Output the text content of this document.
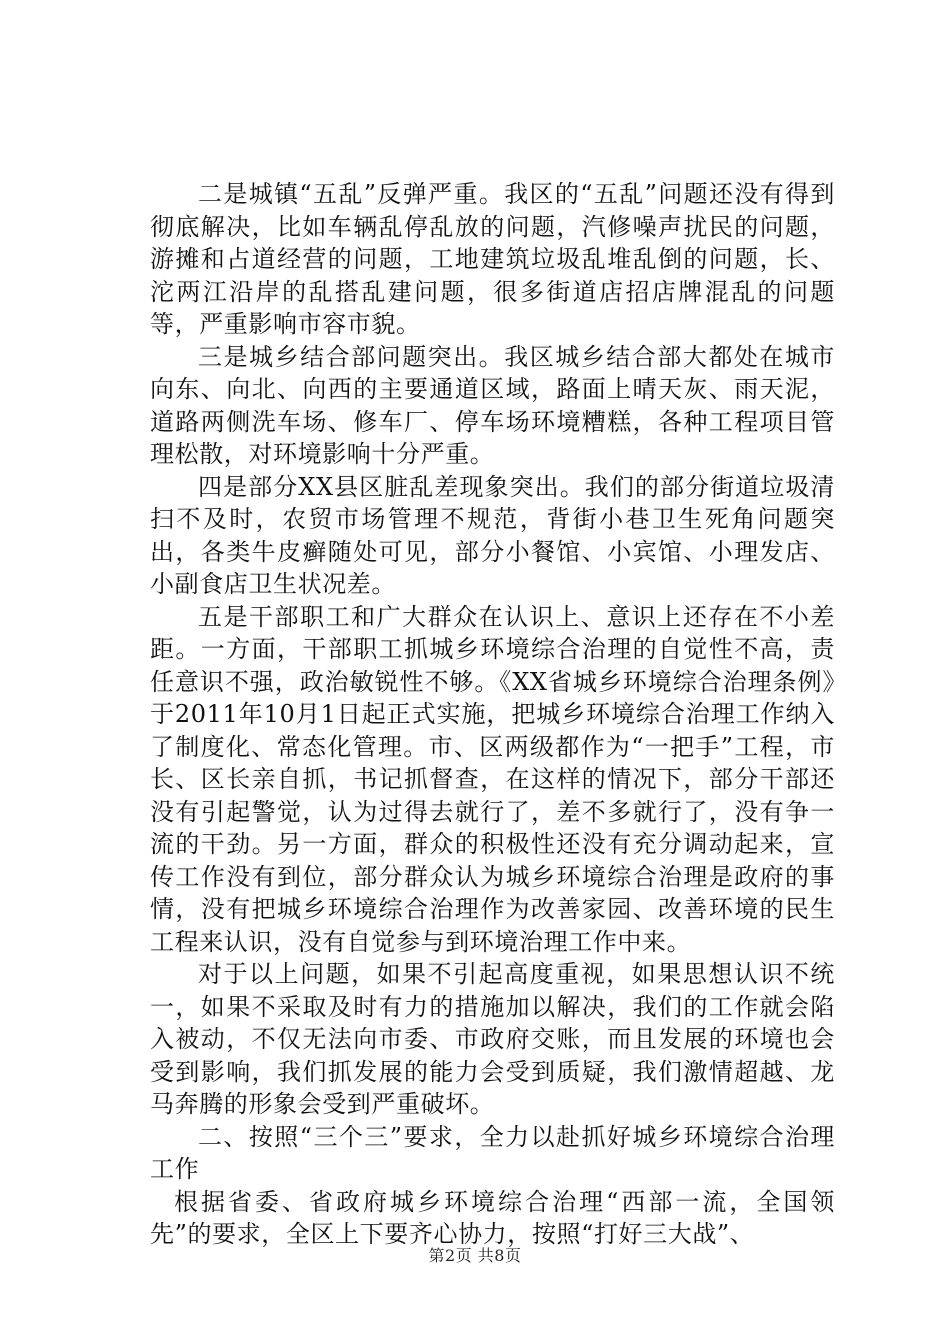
二是城镇“五乱”反弹严重。我区的“五乱”问题还没有得到彻底解决，比如车辆乱停乱放的问题，汽修噪声扰民的问题，游摊和占道经营的问题，工地建筑垃圾乱堆乱倒的问题，长、沱两江沿岸的乱搭乱建问题，很多街道店招店牌混乱的问题等，严重影响市容市貌。

三是城乡结合部问题突出。我区城乡结合部大都处在城市向东、向北、向西的主要通道区域，路面上晴天灰、雨天泥，道路两侧洗车场、修车厂、停车场环境糟糕，各种工程项目管理松散，对环境影响十分严重。

四是部分XX县区脏乱差现象突出。我们的部分街道垃圾清扫不及时，农贸市场管理不规范，背街小巷卫生死角问题突出，各类牛皮癣随处可见，部分小餐馆、小宾馆、小理发店、小副食店卫生状况差。

五是干部职工和广大群众在认识上、意识上还存在不小差距。一方面，干部职工抓城乡环境综合治理的自觉性不高，责任意识不强，政治敏锐性不够。《XX省城乡环境综合治理条例》于2011年10月1日起正式实施，把城乡环境综合治理工作纳入了制度化、常态化管理。市、区两级都作为“一把手”工程，市长、区长亲自抓，书记抓督查，在这样的情况下，部分干部还没有引起警觉，认为过得去就行了，差不多就行了，没有争一流的干劲。另一方面，群众的积极性还没有充分调动起来，宣传工作没有到位，部分群众认为城乡环境综合治理是政府的事情，没有把城乡环境综合治理作为改善家园、改善环境的民生工程来认识，没有自觉参与到环境治理工作中来。

对于以上问题，如果不引起高度重视，如果思想认识不统一，如果不采取及时有力的措施加以解决，我们的工作就会陷入被动，不仅无法向市委、市政府交账，而且发展的环境也会受到影响，我们抓发展的能力会受到质疑，我们激情超越、龙马奔腾的形象会受到严重破坏。

二、按照“三个三”要求，全力以赴抓好城乡环境综合治理工作

根据省委、省政府城乡环境综合治理“西部一流，全国领先”的要求，全区上下要齐心协力，按照“打好三大战”、

第2页 共8页
